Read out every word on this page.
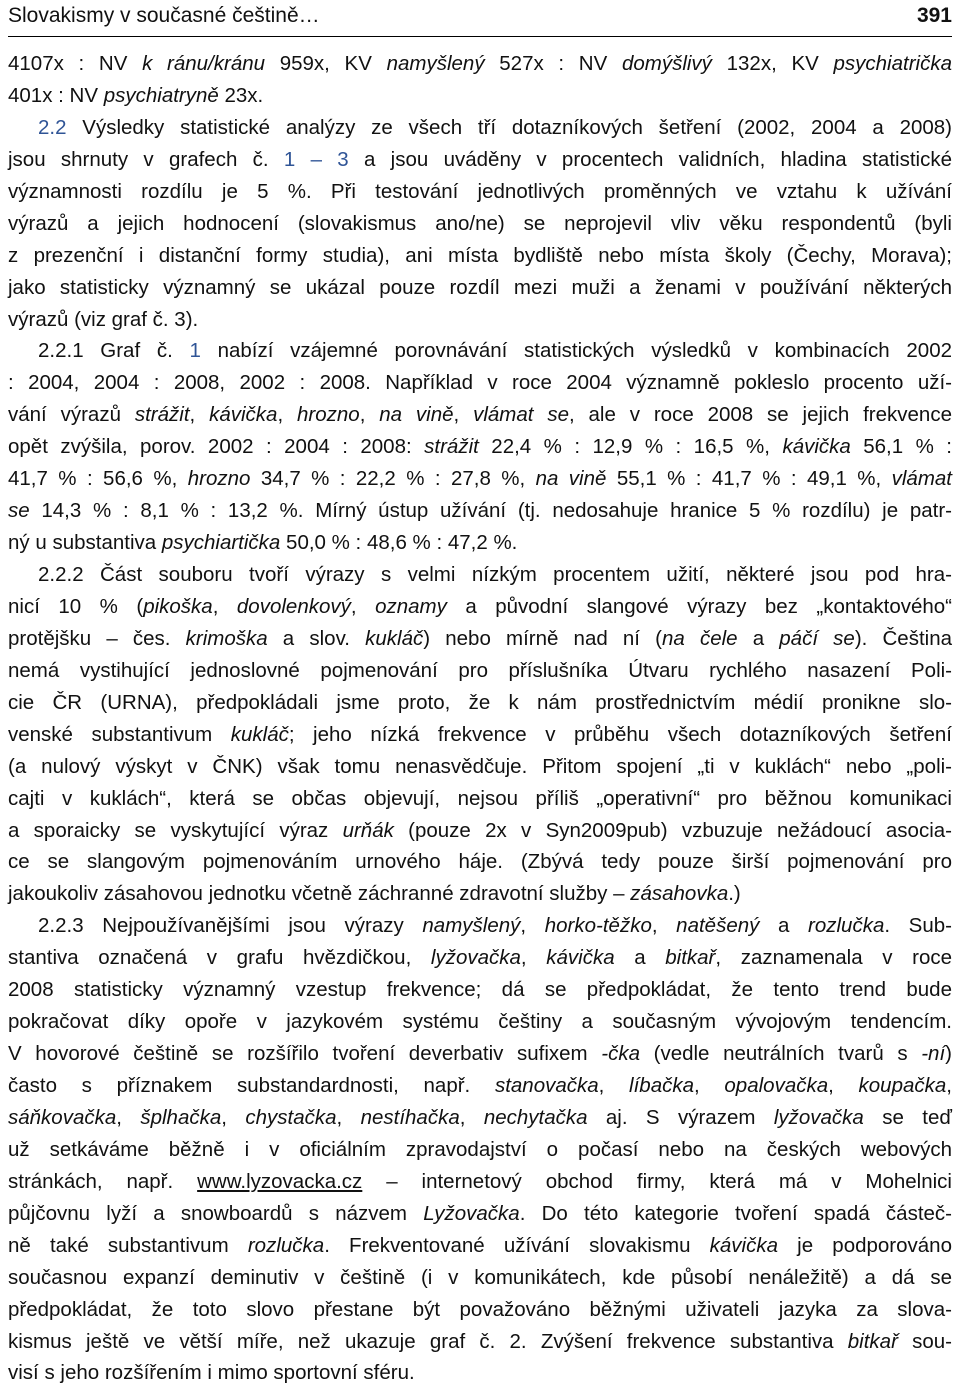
Slovakismy v současné češtině…	391
4107x : NV k ránu/kránu 959x, KV namyšlený 527x : NV domýšlivý 132x, KV psychiatrička
401x : NV psychiatryně 23x.
2.2 Výsledky statistické analýzy ze všech tří dotazníkových šetření (2002, 2004 a 2008)
jsou shrnuty v grafech č. 1 – 3 a jsou uváděny v procentech validních, hladina statistické
významnosti rozdílu je 5 %. Při testování jednotlivých proměnných ve vztahu k užívání
výrazů a jejich hodnocení (slovakismus ano/ne) se neprojevil vliv věku respondentů (byli
z prezenční i distanční formy studia), ani místa bydliště nebo místa školy (Čechy, Morava);
jako statisticky významný se ukázal pouze rozdíl mezi muži a ženami v používání některých
výrazů (viz graf č. 3).
2.2.1 Graf č. 1 nabízí vzájemné porovnávání statistických výsledků v kombinacích 2002
: 2004, 2004 : 2008, 2002 : 2008. Například v roce 2004 významně pokleslo procento uží-
vání výrazů strážit, kávička, hrozno, na vině, vlámat se, ale v roce 2008 se jejich frekvence
opět zvýšila, porov. 2002 : 2004 : 2008: strážit 22,4 % : 12,9 % : 16,5 %, kávička 56,1 % :
41,7 % : 56,6 %, hrozno 34,7 % : 22,2 % : 27,8 %, na vině 55,1 % : 41,7 % : 49,1 %, vlámat
se 14,3 % : 8,1 % : 13,2 %. Mírný ústup užívání (tj. nedosahuje hranice 5 % rozdílu) je patr-
ný u substantiva psychiartička 50,0 % : 48,6 % : 47,2 %.
2.2.2 Část souboru tvoří výrazy s velmi nízkým procentem užití, některé jsou pod hra-
nicí 10 % (pikoška, dovolenkový, oznamy a původní slangové výrazy bez „kontaktového“
protějšku – čes. krimoška a slov. kukláč) nebo mírně nad ní (na čele a páčí se). Čeština
nemá vystihující jednoslovné pojmenování pro příslušníka Útvaru rychlého nasazení Poli-
cie ČR (URNA), předpokládali jsme proto, že k nám prostřednictvím médií pronikne slo-
venské substantivum kukláč; jeho nízká frekvence v průběhu všech dotazníkových šetření
(a nulový výskyt v ČNK) však tomu nenasvědčuje. Přitom spojení „ti v kuklách“ nebo „poli-
cajti v kuklách“, která se občas objevují, nejsou příliš „operativní“ pro běžnou komunikaci
a sporaicky se vyskytující výraz urňák (pouze 2x v Syn2009pub) vzbuzuje nežádoucí asocia-
ce se slangovým pojmenováním urnového háje. (Zbývá tedy pouze širší pojmenování pro
jakoukoliv zásahovou jednotku včetně záchranné zdravotní služby – zásahovka.)
2.2.3 Nejpoužívanějšími jsou výrazy namyšlený, horko-těžko, natěšený a rozlučka. Sub-
stantiva označená v grafu hvězdičkou, lyžovačka, kávička a bitkař, zaznamenala v roce
2008 statisticky významný vzestup frekvence; dá se předpokládat, že tento trend bude
pokračovat díky opoře v jazykovém systému češtiny a současným vývojovým tendencím.
V hovorové češtině se rozšířilo tvoření deverbativ sufixem -čka (vedle neutrálních tvarů s -ní)
často s příznakem substandardnosti, např. stanovačka, líbačka, opalovačka, koupačka,
sáňkovačka, šplhačka, chystačka, nestíhačka, nechytačka aj. S výrazem lyžovačka se teď
už setkáváme běžně i v oficiálním zpravodajství o počasí nebo na českých webových
stránkách, např. www.lyzovacka.cz – internetový obchod firmy, která má v Mohelnici
půjčovnu lyží a snowboardů s názvem Lyžovačka. Do této kategorie tvoření spadá částeč-
ně také substantivum rozlučka. Frekventované užívání slovakismu kávička je podporováno
současnou expanzí deminutiv v češtině (i v komunikátech, kde působí nenáležitě) a dá se
předpokládat, že toto slovo přestane být považováno běžnými uživateli jazyka za slova-
kismus ještě ve větší míře, než ukazuje graf č. 2. Zvýšení frekvence substantiva bitkař sou-
visí s jeho rozšířením i mimo sportovní sféru.
